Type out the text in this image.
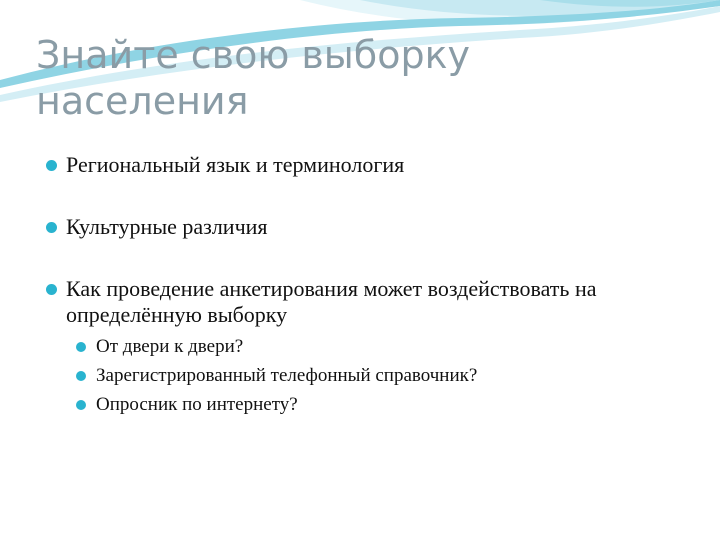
Знайте свою выборку населения
Региональный язык и терминология
Культурные различия
Как проведение анкетирования может воздействовать на определённую выборку
От двери к двери?
Зарегистрированный телефонный справочник?
Опросник по интернету?
